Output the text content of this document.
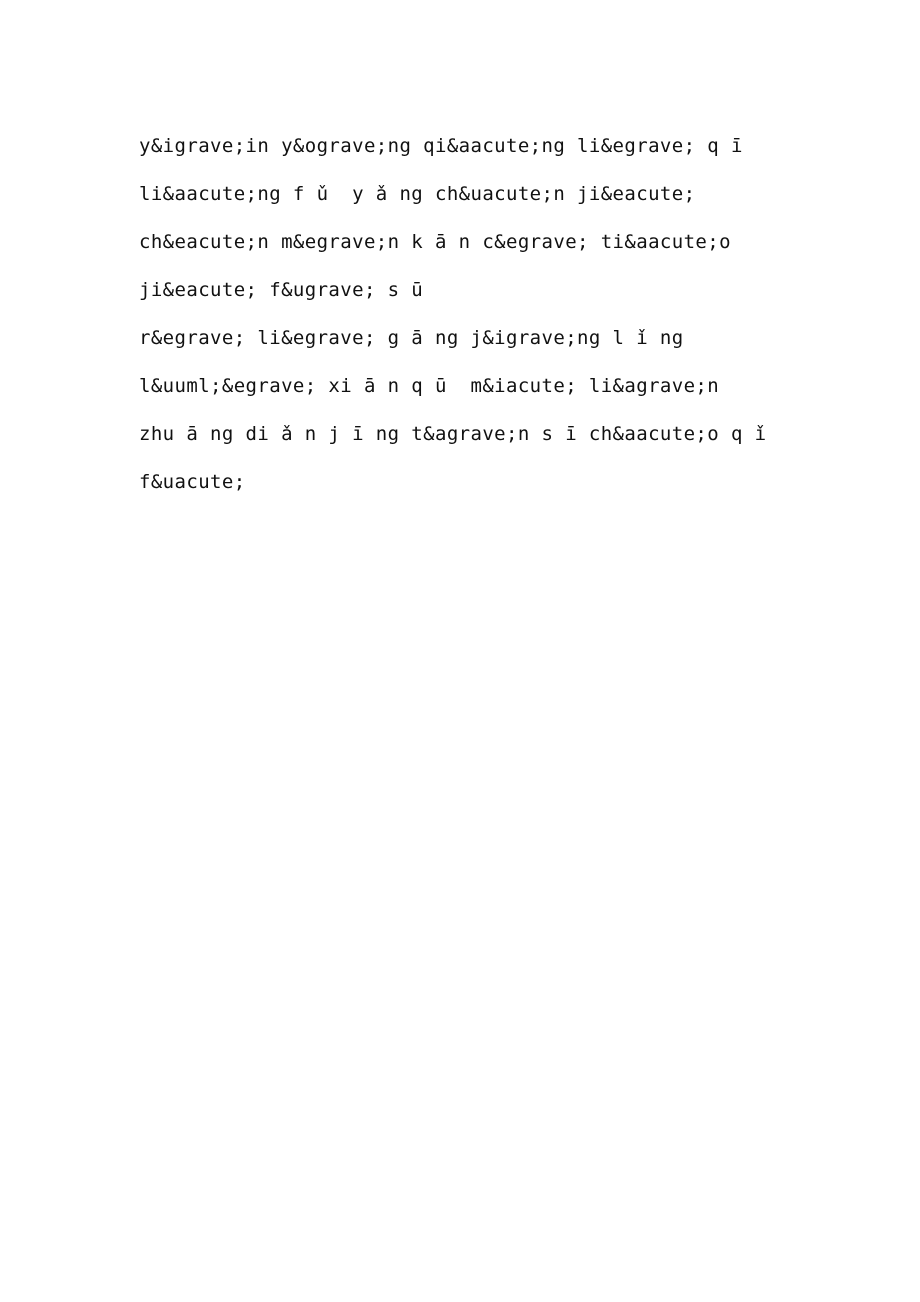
y&igrave;in y&ograve;ng qi&aacute;ng li&egrave; q ī
li&aacute;ng f ǔ  y ǎ ng ch&uacute;n ji&eacute;
ch&eacute;n m&egrave;n k ā n c&egrave; ti&aacute;o
ji&eacute; f&ugrave; s ū
r&egrave; li&egrave; g ā ng j&igrave;ng l ǐ ng
l&uuml;&egrave; xi ā n q ū  m&iacute; li&agrave;n
zhu ā ng di ǎ n j ī ng t&agrave;n s ī ch&aacute;o q ǐ
f&uacute;
